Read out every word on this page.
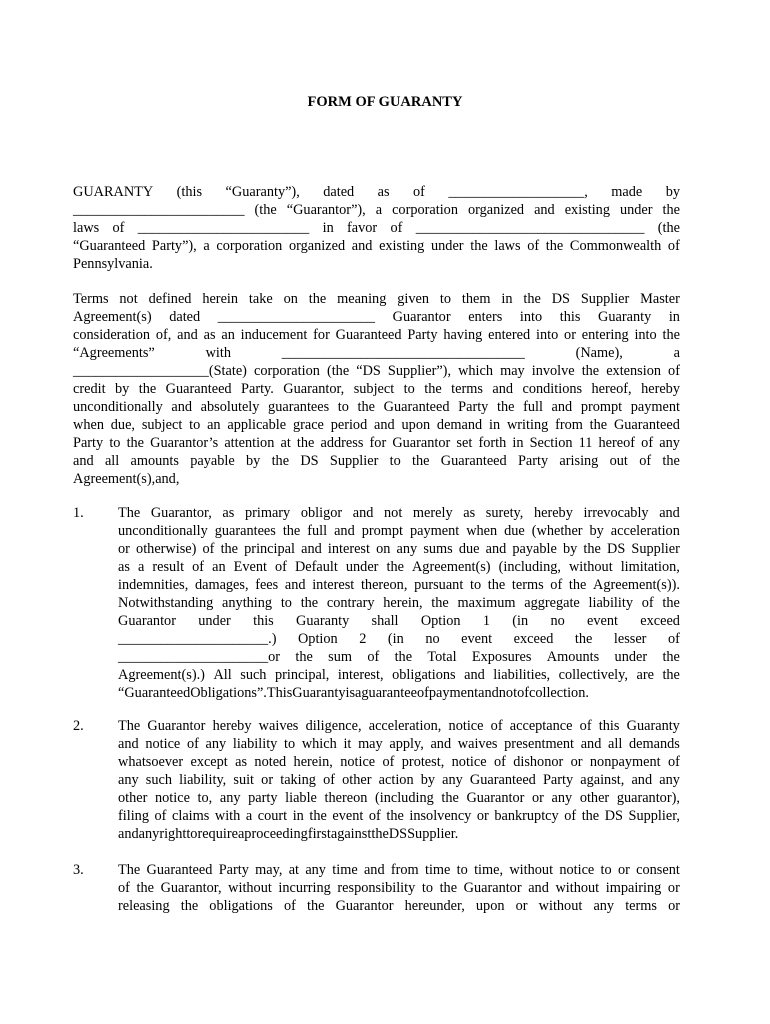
FORM OF GUARANTY
GUARANTY (this “Guaranty”), dated as of ___________________, made by
________________________ (the “Guarantor”), a corporation organized and existing under the
laws of ________________________ in favor of ________________________________ (the
“Guaranteed Party”), a corporation organized and existing under the laws of the Commonwealth of
Pennsylvania.
Terms not defined herein take on the meaning given to them in the DS Supplier Master
Agreement(s) dated ______________________ Guarantor enters into this Guaranty in
consideration of, and as an inducement for Guaranteed Party having entered into or entering into the
“Agreements”	with	__________________________________	(Name),	a
___________________(State) corporation (the “DS Supplier”), which may involve the extension of
credit by the Guaranteed Party. Guarantor, subject to the terms and conditions hereof, hereby
unconditionally and absolutely guarantees to the Guaranteed Party the full and prompt payment
when due, subject to an applicable grace period and upon demand in writing from the Guaranteed
Party to the Guarantor’s attention at the address for Guarantor set forth in Section 11 hereof of any
and all amounts payable by the DS Supplier to the Guaranteed Party arising out of the
Agreement(s), and,
1. The Guarantor, as primary obligor and not merely as surety, hereby irrevocably and
unconditionally guarantees the full and prompt payment when due (whether by acceleration
or otherwise) of the principal and interest on any sums due and payable by the DS Supplier
as a result of an Event of Default under the Agreement(s) (including, without limitation,
indemnities, damages, fees and interest thereon, pursuant to the terms of the Agreement(s)).
Notwithstanding anything to the contrary herein, the maximum aggregate liability of the
Guarantor under this Guaranty shall Option 1 (in no event exceed
_____________________.) Option 2 (in no event exceed the lesser of
_____________________or the sum of the Total Exposures Amounts under the
Agreement(s).) All such principal, interest, obligations and liabilities, collectively, are the
“Guaranteed Obligations”. This Guaranty is a guarantee of payment and not of collection.
2. The Guarantor hereby waives diligence, acceleration, notice of acceptance of this Guaranty
and notice of any liability to which it may apply, and waives presentment and all demands
whatsoever except as noted herein, notice of protest, notice of dishonor or nonpayment of
any such liability, suit or taking of other action by any Guaranteed Party against, and any
other notice to, any party liable thereon (including the Guarantor or any other guarantor),
filing of claims with a court in the event of the insolvency or bankruptcy of the DS Supplier,
and any right to require a proceeding first against the DS Supplier.
3. The Guaranteed Party may, at any time and from time to time, without notice to or consent
of the Guarantor, without incurring responsibility to the Guarantor and without impairing or
releasing the obligations of the Guarantor hereunder, upon or without any terms or
